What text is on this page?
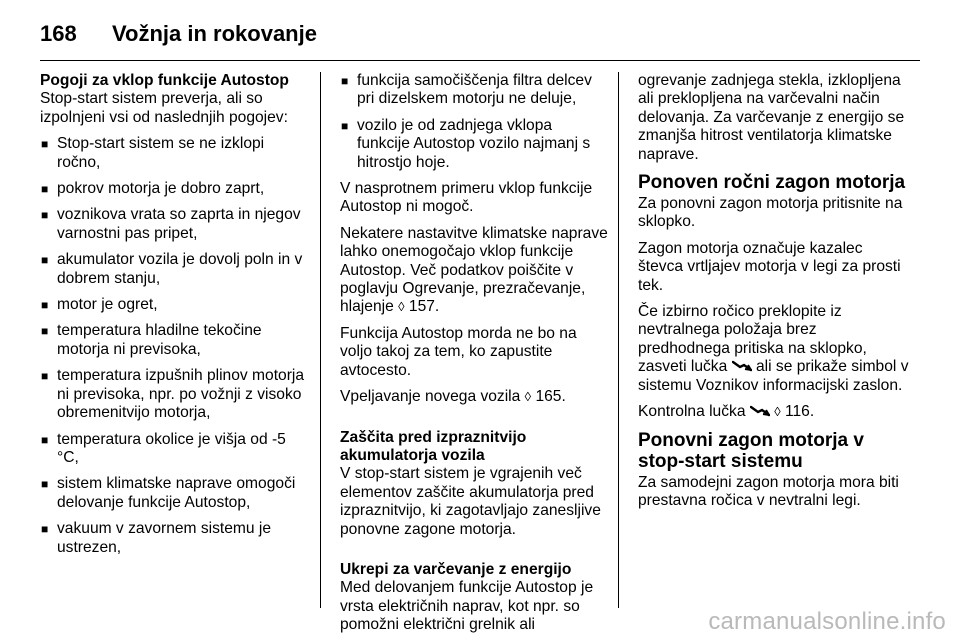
168	Vožnja in rokovanje
Pogoji za vklop funkcije Autostop
Stop-start sistem preverja, ali so izpolnjeni vsi od naslednjih pogojev:
■ Stop-start sistem se ne izklopi ročno,
■ pokrov motorja je dobro zaprt,
■ voznikova vrata so zaprta in njegov varnostni pas pripet,
■ akumulator vozila je dovolj poln in v dobrem stanju,
■ motor je ogret,
■ temperatura hladilne tekočine motorja ni previsoka,
■ temperatura izpušnih plinov motorja ni previsoka, npr. po vožnji z visoko obremenitvijo motorja,
■ temperatura okolice je višja od -5 °C,
■ sistem klimatske naprave omogoči delovanje funkcije Autostop,
■ vakuum v zavornem sistemu je ustrezen,
■ funkcija samočiščenja filtra delcev pri dizelskem motorju ne deluje,
■ vozilo je od zadnjega vklopa funkcije Autostop vozilo najmanj s hitrostjo hoje.
V nasprotnem primeru vklop funkcije Autostop ni mogoč.
Nekatere nastavitve klimatske naprave lahko onemogočajo vklop funkcije Autostop. Več podatkov poiščite v poglavju Ogrevanje, prezračevanje, hlajenje ◊ 157.
Funkcija Autostop morda ne bo na voljo takoj za tem, ko zapustite avtocesto.
Vpeljavanje novega vozila ◊ 165.
Zaščita pred izpraznitvijo akumulatorja vozila
V stop-start sistem je vgrajenih več elementov zaščite akumulatorja pred izpraznitvijo, ki zagotavljajo zanesljive ponovne zagone motorja.
Ukrepi za varčevanje z energijo
Med delovanjem funkcije Autostop je vrsta električnih naprav, kot npr. so pomožni električni grelnik ali
ogrevanje zadnjega stekla, izklopljena ali preklopljena na varčevalni način delovanja. Za varčevanje z energijo se zmanjša hitrost ventilatorja klimatske naprave.
Ponoven ročni zagon motorja
Za ponovni zagon motorja pritisnite na sklopko.
Zagon motorja označuje kazalec števca vrtljajev motorja v legi za prosti tek.
Če izbirno ročico preklopite iz nevtralnega položaja brez predhodnega pritiska na sklopko, zasveti lučka ali se prikaže simbol v sistemu Voznikov informacijski zaslon.
Kontrolna lučka ◊ 116.
Ponovni zagon motorja v stop-start sistemu
Za samodejni zagon motorja mora biti prestavna ročica v nevtralni legi.
carmanualsonline.info
